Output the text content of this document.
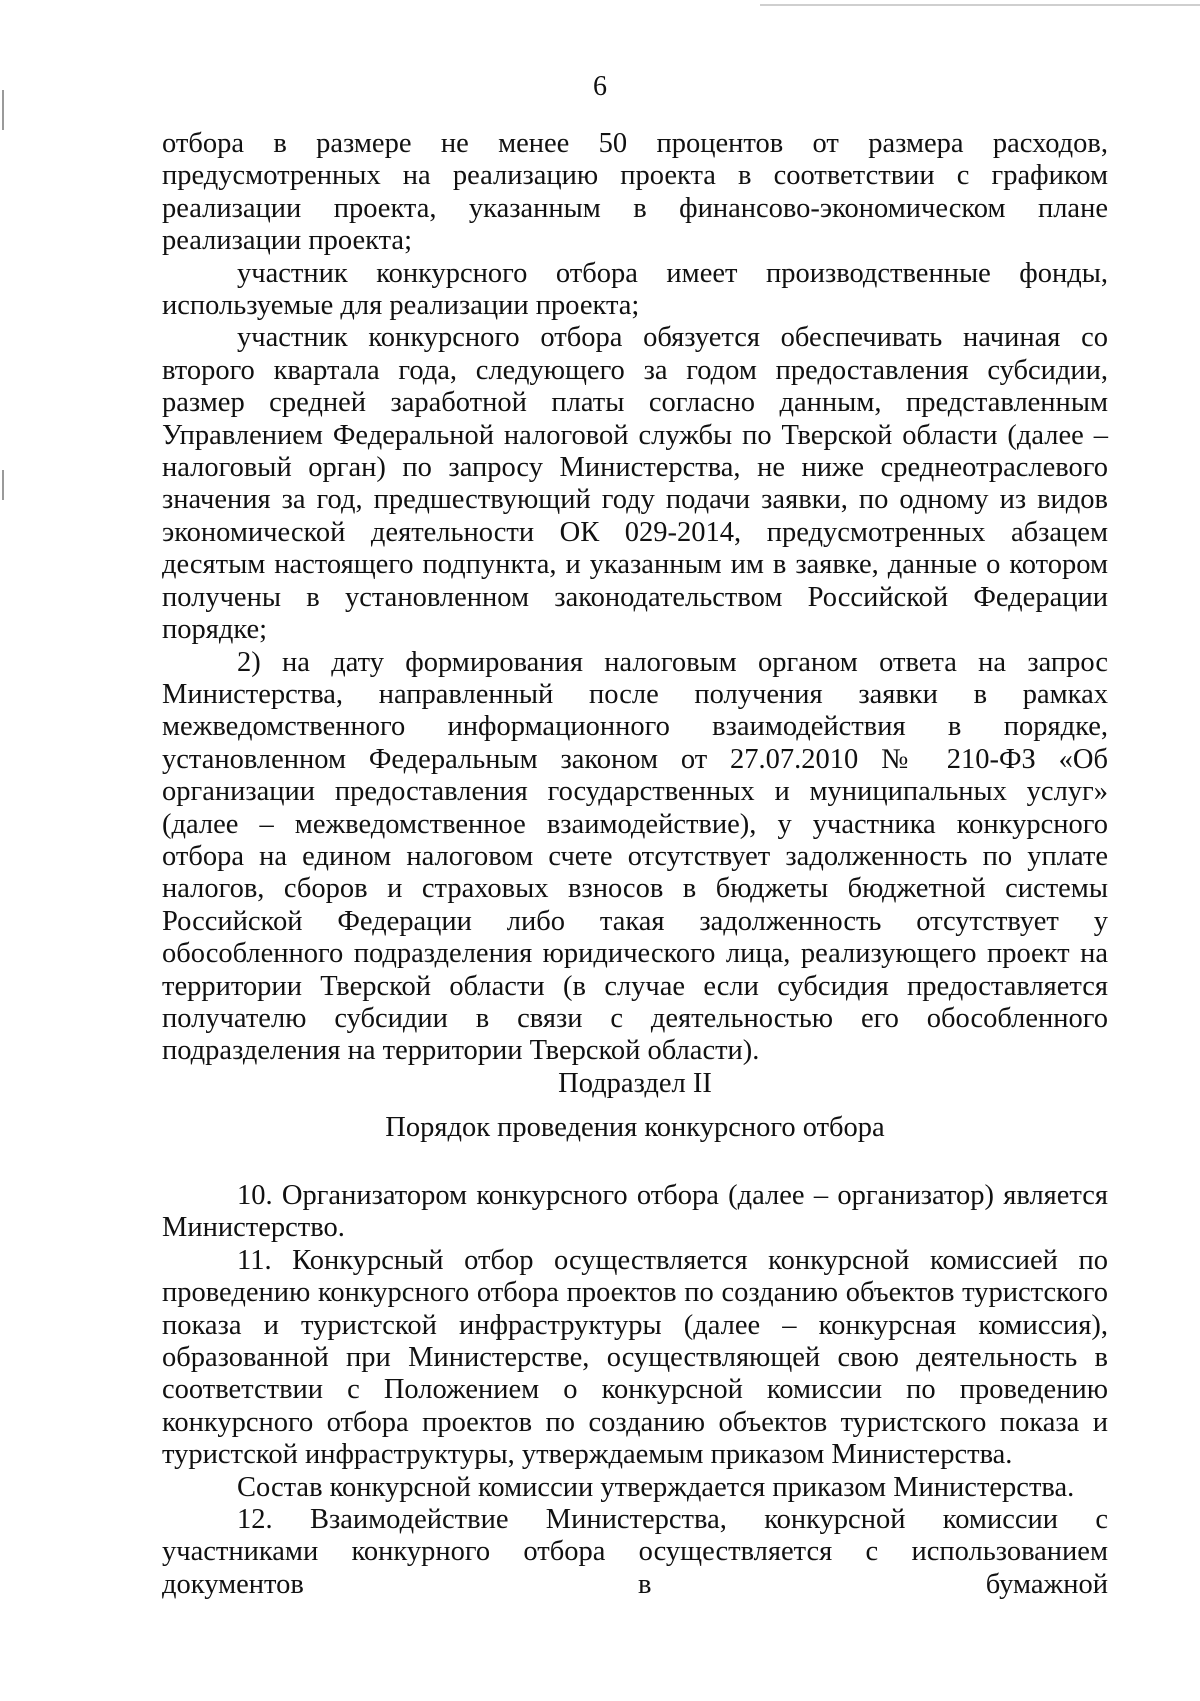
6

отбора в размере не менее 50 процентов от размера расходов, предусмотренных на реализацию проекта в соответствии с графиком реализации проекта, указанным в финансово-экономическом плане реализации проекта;

участник конкурсного отбора имеет производственные фонды, используемые для реализации проекта;

участник конкурсного отбора обязуется обеспечивать начиная со второго квартала года, следующего за годом предоставления субсидии, размер средней заработной платы согласно данным, представленным Управлением Федеральной налоговой службы по Тверской области (далее – налоговый орган) по запросу Министерства, не ниже среднеотраслевого значения за год, предшествующий году подачи заявки, по одному из видов экономической деятельности ОК 029-2014, предусмотренных абзацем десятым настоящего подпункта, и указанным им в заявке, данные о котором получены в установленном законодательством Российской Федерации порядке;

2) на дату формирования налоговым органом ответа на запрос Министерства, направленный после получения заявки в рамках межведомственного информационного взаимодействия в порядке, установленном Федеральным законом от 27.07.2010 № 210-ФЗ «Об организации предоставления государственных и муниципальных услуг» (далее – межведомственное взаимодействие), у участника конкурсного отбора на едином налоговом счете отсутствует задолженность по уплате налогов, сборов и страховых взносов в бюджеты бюджетной системы Российской Федерации либо такая задолженность отсутствует у обособленного подразделения юридического лица, реализующего проект на территории Тверской области (в случае если субсидия предоставляется получателю субсидии в связи с деятельностью его обособленного подразделения на территории Тверской области).

Подраздел II
Порядок проведения конкурсного отбора

10. Организатором конкурсного отбора (далее – организатор) является Министерство.

11. Конкурсный отбор осуществляется конкурсной комиссией по проведению конкурсного отбора проектов по созданию объектов туристского показа и туристской инфраструктуры (далее – конкурсная комиссия), образованной при Министерстве, осуществляющей свою деятельность в соответствии с Положением о конкурсной комиссии по проведению конкурсного отбора проектов по созданию объектов туристского показа и туристской инфраструктуры, утверждаемым приказом Министерства.

Состав конкурсной комиссии утверждается приказом Министерства.

12. Взаимодействие Министерства, конкурсной комиссии с участниками конкурного отбора осуществляется с использованием документов в бумажной
